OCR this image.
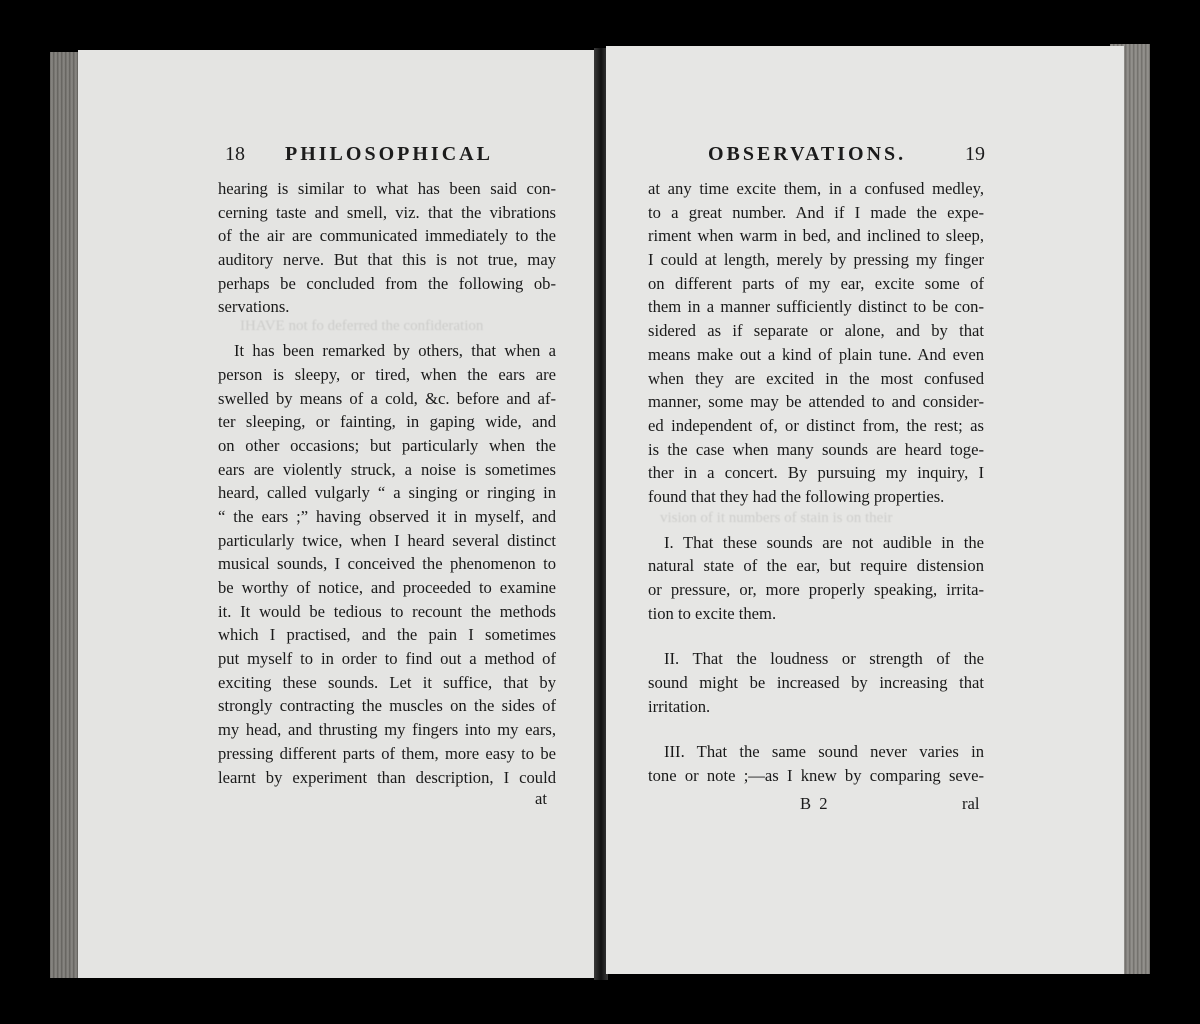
IHAVE not fo deferred the confideration
18 PHILOSOPHICAL
hearing is similar to what has been said con-
cerning taste and smell, viz. that the vibrations
of the air are communicated immediately to the
auditory nerve. But that this is not true, may
perhaps be concluded from the following ob-
servations.
It has been remarked by others, that when a
person is sleepy, or tired, when the ears are
swelled by means of a cold, &c. before and af-
ter sleeping, or fainting, in gaping wide, and
on other occasions; but particularly when the
ears are violently struck, a noise is sometimes
heard, called vulgarly “ a singing or ringing in
“ the ears ;” having observed it in myself, and
particularly twice, when I heard several distinct
musical sounds, I conceived the phenomenon to
be worthy of notice, and proceeded to examine
it. It would be tedious to recount the methods
which I practised, and the pain I sometimes
put myself to in order to find out a method of
exciting these sounds. Let it suffice, that by
strongly contracting the muscles on the sides of
my head, and thrusting my fingers into my ears,
pressing different parts of them, more easy to be
learnt by experiment than description, I could
at
vision of it numbers of stain is on their
OBSERVATIONS.	19
at any time excite them, in a confused medley,
to a great number. And if I made the expe-
riment when warm in bed, and inclined to sleep,
I could at length, merely by pressing my finger
on different parts of my ear, excite some of
them in a manner sufficiently distinct to be con-
sidered as if separate or alone, and by that
means make out a kind of plain tune. And even
when they are excited in the most confused
manner, some may be attended to and consider-
ed independent of, or distinct from, the rest; as
is the case when many sounds are heard toge-
ther in a concert. By pursuing my inquiry, I
found that they had the following properties.
I. That these sounds are not audible in the
natural state of the ear, but require distension
or pressure, or, more properly speaking, irrita-
tion to excite them.
II. That the loudness or strength of the
sound might be increased by increasing that
irritation.
III. That the same sound never varies in
tone or note ;—as I knew by comparing seve-
B 2	ral
